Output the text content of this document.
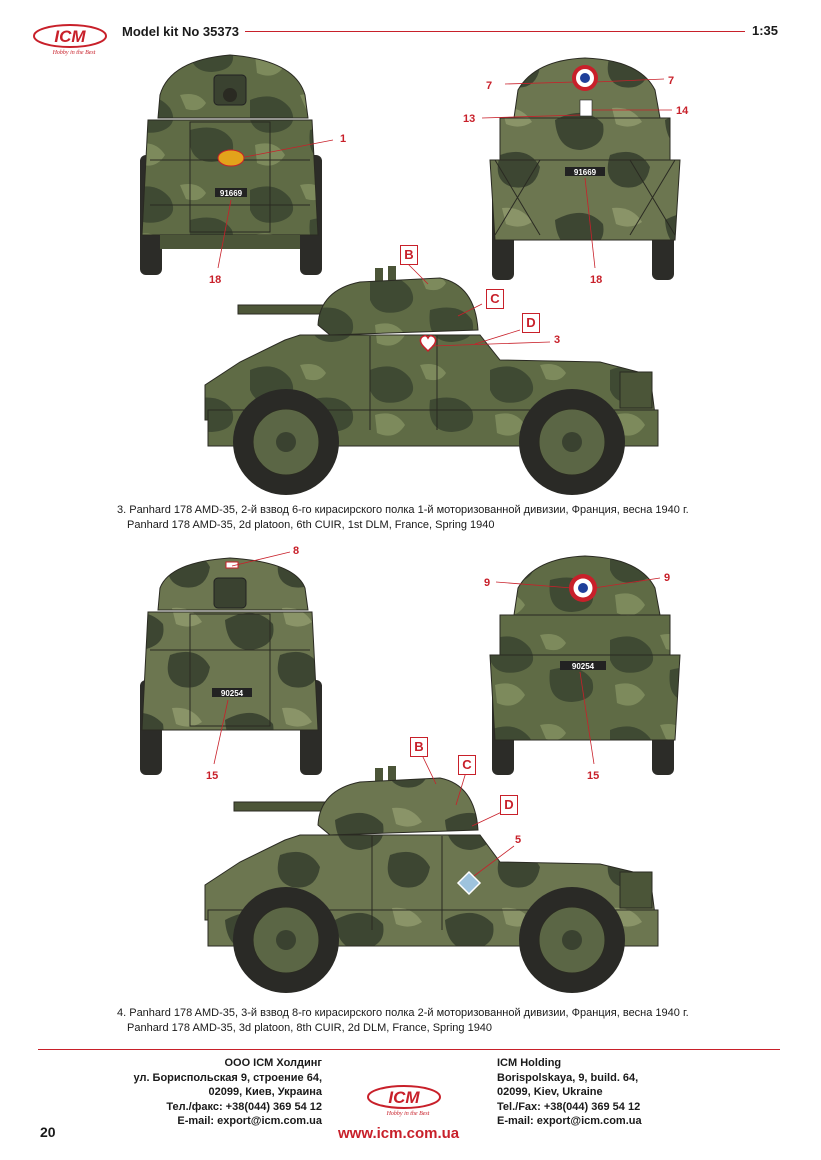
ICM
Hobby in the Best
Model kit No 35373	1:35
91669
1
18
91669
7	7
13
14
18
3
90254
8
15
90254
9	9
15
5
B
C
D
B
C
D
3. Panhard 178 AMD-35, 2-й взвод 6-го кирасирского полка 1-й моторизованной дивизии, Франция, весна 1940 г.
Panhard 178 AMD-35, 2d platoon, 6th CUIR, 1st DLM, France, Spring 1940
4. Panhard 178 AMD-35, 3-й взвод 8-го кирасирского полка 2-й моторизованной дивизии, Франция, весна 1940 г.
Panhard 178 AMD-35, 3d platoon, 8th CUIR, 2d DLM, France, Spring 1940
ООО ICM Холдинг
ул. Бориспольская 9, строение 64,
02099, Киев, Украина
Тел./факс: +38(044) 369 54 12
E-mail: export@icm.com.ua
ICM
Hobby in the Best
ICM Holding
Borispolskaya, 9, build. 64,
02099, Kiev, Ukraine
Tel./Fax: +38(044) 369 54 12
E-mail: export@icm.com.ua
www.icm.com.ua
20
